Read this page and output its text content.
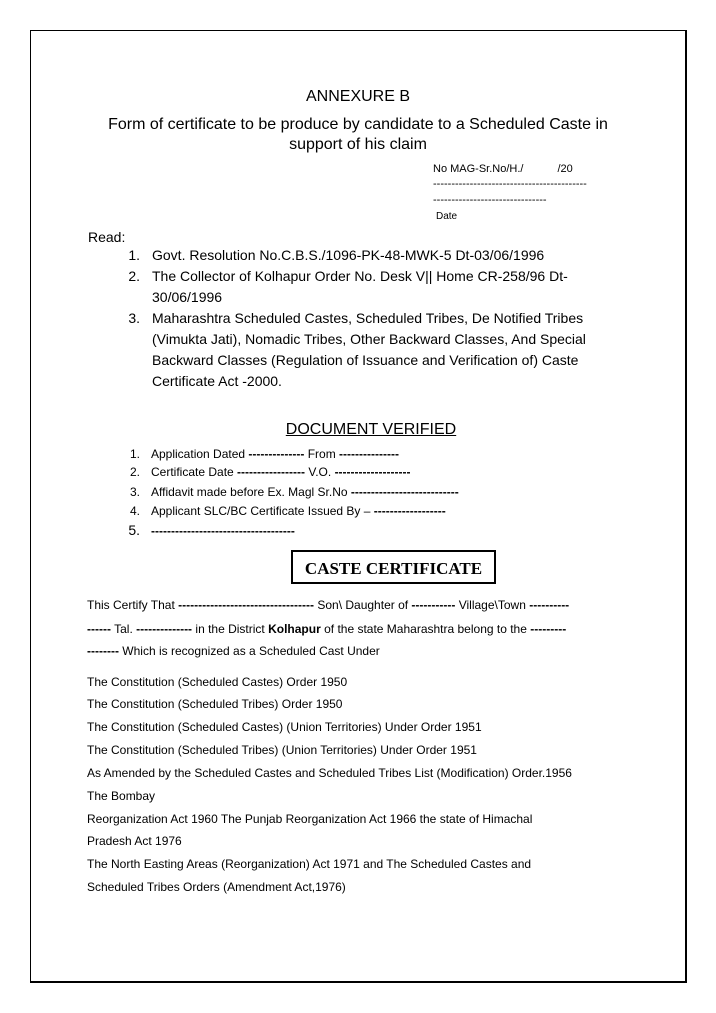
ANNEXURE B
Form of certificate to be produce by candidate to a Scheduled Caste in
support of his claim
No MAG-Sr.No/H./	/20
------------------------------------------
-------------------------------
Date
Read:
1. Govt. Resolution No.C.B.S./1096-PK-48-MWK-5 Dt-03/06/1996
2. The Collector of Kolhapur Order No. Desk V|| Home CR-258/96 Dt-
30/06/1996
3. Maharashtra Scheduled Castes, Scheduled Tribes, De Notified Tribes
(Vimukta Jati), Nomadic Tribes, Other Backward Classes, And Special
Backward Classes (Regulation of Issuance and Verification of) Caste
Certificate Act -2000.
DOCUMENT VERIFIED
1. Application Dated -------------- From ---------------
2. Certificate Date ----------------- V.O. -------------------
3. Affidavit made before Ex. Magl Sr.No ---------------------------
4. Applicant SLC/BC Certificate Issued By – ------------------
5. ------------------------------------
CASTE CERTIFICATE
This Certify That ---------------------------------- Son\ Daughter of ----------- Village\Town ----------
------ Tal. -------------- in the District Kolhapur of the state Maharashtra belong to the ---------
-------- Which is recognized as a Scheduled Cast Under
The Constitution (Scheduled Castes) Order 1950
The Constitution (Scheduled Tribes) Order 1950
The Constitution (Scheduled Castes) (Union Territories) Under Order 1951
The Constitution (Scheduled Tribes) (Union Territories) Under Order 1951
As Amended by the Scheduled Castes and Scheduled Tribes List (Modification) Order.1956
The Bombay
Reorganization Act 1960 The Punjab Reorganization Act 1966 the state of Himachal
Pradesh Act 1976
The North Easting Areas (Reorganization) Act 1971 and The Scheduled Castes and
Scheduled Tribes Orders (Amendment Act,1976)
